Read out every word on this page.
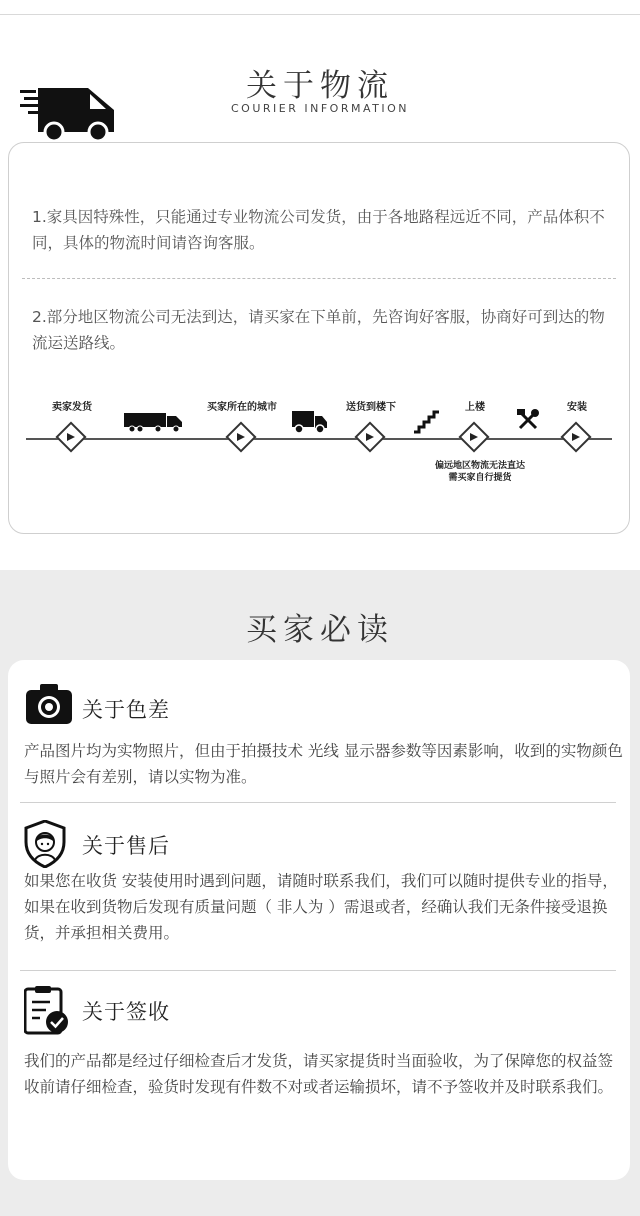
关于物流
COURIER INFORMATION
1.家具因特殊性，只能通过专业物流公司发货，由于各地路程远近不同，产品体积不同，具体的物流时间请咨询客服。
2.部分地区物流公司无法到达，请买家在下单前，先咨询好客服，协商好可到达的物流运送路线。
卖家发货	买家所在的城市	送货到楼下	上楼	安装
偏远地区物流无法直达
需买家自行提货
买家必读
关于色差
产品图片均为实物照片，但由于拍摄技术 光线 显示器参数等因素影响，收到的实物颜色与照片会有差别，请以实物为准。
关于售后
如果您在收货 安装使用时遇到问题，请随时联系我们，我们可以随时提供专业的指导，如果在收到货物后发现有质量问题（ 非人为 ）需退或者，经确认我们无条件接受退换货，并承担相关费用。
关于签收
我们的产品都是经过仔细检查后才发货，请买家提货时当面验收，为了保障您的权益签收前请仔细检查，验货时发现有件数不对或者运输损坏，请不予签收并及时联系我们。
